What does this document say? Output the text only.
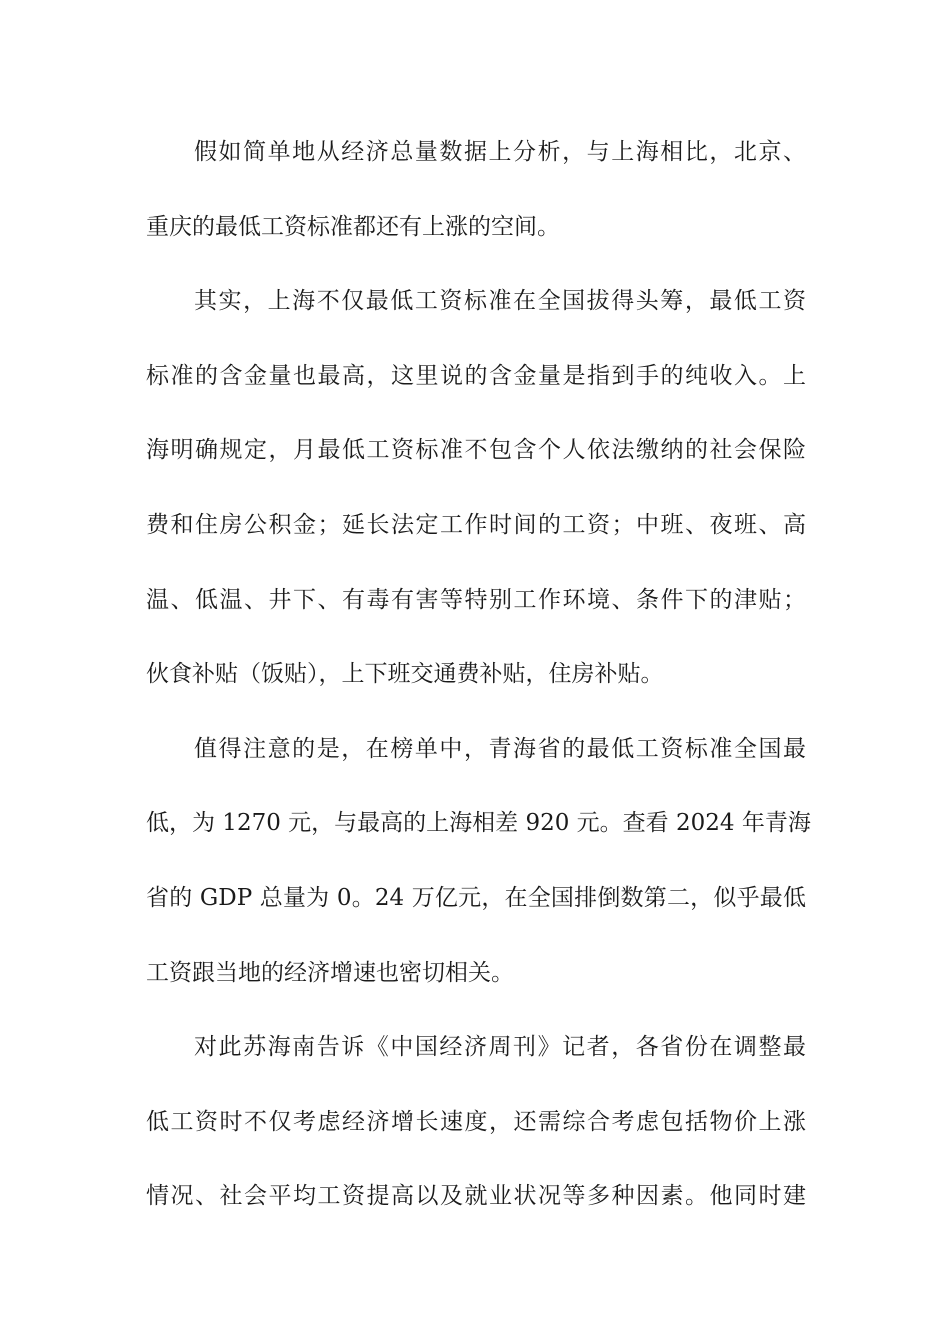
假如简单地从经济总量数据上分析，与上海相比，北京、
重庆的最低工资标准都还有上涨的空间。
其实，上海不仅最低工资标准在全国拔得头筹，最低工资
标准的含金量也最高，这里说的含金量是指到手的纯收入。上
海明确规定，月最低工资标准不包含个人依法缴纳的社会保险
费和住房公积金；延长法定工作时间的工资；中班、夜班、高
温、低温、井下、有毒有害等特别工作环境、条件下的津贴；
伙食补贴（饭贴），上下班交通费补贴，住房补贴。
值得注意的是，在榜单中，青海省的最低工资标准全国最
低，为 1270 元，与最高的上海相差 920 元。查看 2024 年青海
省的 GDP 总量为 0。24 万亿元，在全国排倒数第二，似乎最低
工资跟当地的经济增速也密切相关。
对此苏海南告诉《中国经济周刊》记者，各省份在调整最
低工资时不仅考虑经济增长速度，还需综合考虑包括物价上涨
情况、社会平均工资提高以及就业状况等多种因素。他同时建
